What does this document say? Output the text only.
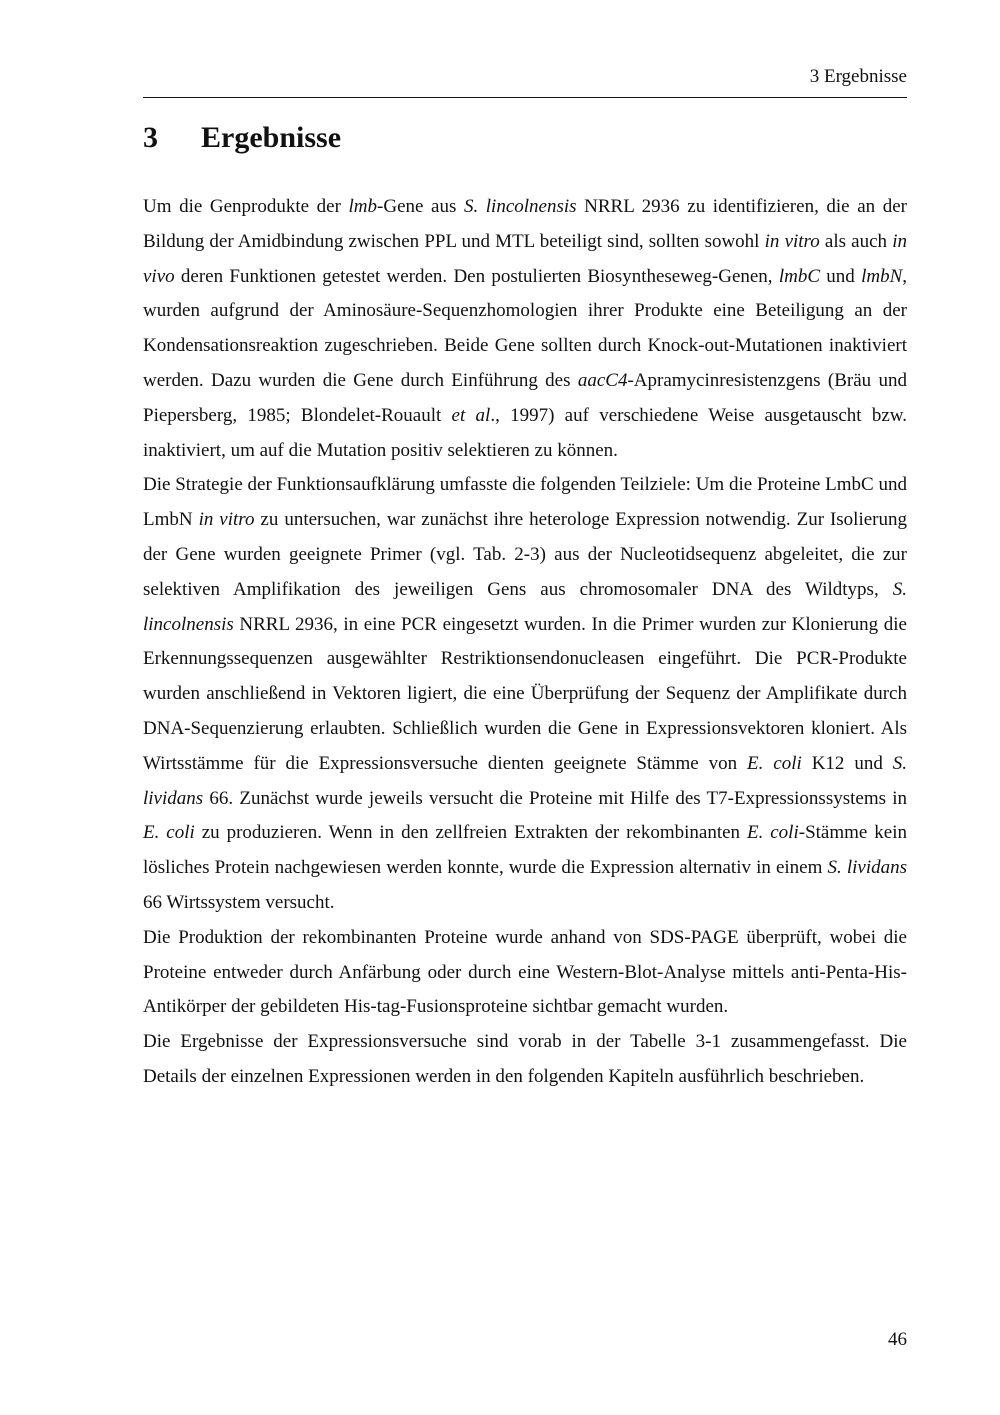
3 Ergebnisse
3 Ergebnisse

Um die Genprodukte der lmb-Gene aus S. lincolnensis NRRL 2936 zu identifizieren, die an der Bildung der Amidbindung zwischen PPL und MTL beteiligt sind, sollten sowohl in vitro als auch in vivo deren Funktionen getestet werden. Den postulierten Biosyntheseweg-Genen, lmbC und lmbN, wurden aufgrund der Aminosäure-Sequenzhomologien ihrer Produkte eine Beteiligung an der Kondensationsreaktion zugeschrieben. Beide Gene sollten durch Knock-out-Mutationen inaktiviert werden. Dazu wurden die Gene durch Einführung des aacC4-Apramycinresistenzgens (Bräu und Piepersberg, 1985; Blondelet-Rouault et al., 1997) auf verschiedene Weise ausgetauscht bzw. inaktiviert, um auf die Mutation positiv selektieren zu können.

Die Strategie der Funktionsaufklärung umfasste die folgenden Teilziele: Um die Proteine LmbC und LmbN in vitro zu untersuchen, war zunächst ihre heterologe Expression notwendig. Zur Isolierung der Gene wurden geeignete Primer (vgl. Tab. 2-3) aus der Nucleotidsequenz abgeleitet, die zur selektiven Amplifikation des jeweiligen Gens aus chromosomaler DNA des Wildtyps, S. lincolnensis NRRL 2936, in eine PCR eingesetzt wurden. In die Primer wurden zur Klonierung die Erkennungssequenzen ausgewählter Restriktionsendonucleasen eingeführt. Die PCR-Produkte wurden anschließend in Vektoren ligiert, die eine Überprüfung der Sequenz der Amplifikate durch DNA-Sequenzierung erlaubten. Schließlich wurden die Gene in Expressionsvektoren kloniert. Als Wirtsstämme für die Expressionsversuche dienten geeignete Stämme von E. coli K12 und S. lividans 66. Zunächst wurde jeweils versucht die Proteine mit Hilfe des T7-Expressionssystems in E. coli zu produzieren. Wenn in den zellfreien Extrakten der rekombinanten E. coli-Stämme kein lösliches Protein nachgewiesen werden konnte, wurde die Expression alternativ in einem S. lividans 66 Wirtssystem versucht.

Die Produktion der rekombinanten Proteine wurde anhand von SDS-PAGE überprüft, wobei die Proteine entweder durch Anfärbung oder durch eine Western-Blot-Analyse mittels anti-Penta-His-Antikörper der gebildeten His-tag-Fusionsproteine sichtbar gemacht wurden.

Die Ergebnisse der Expressionsversuche sind vorab in der Tabelle 3-1 zusammengefasst. Die Details der einzelnen Expressionen werden in den folgenden Kapiteln ausführlich beschrieben.

46
